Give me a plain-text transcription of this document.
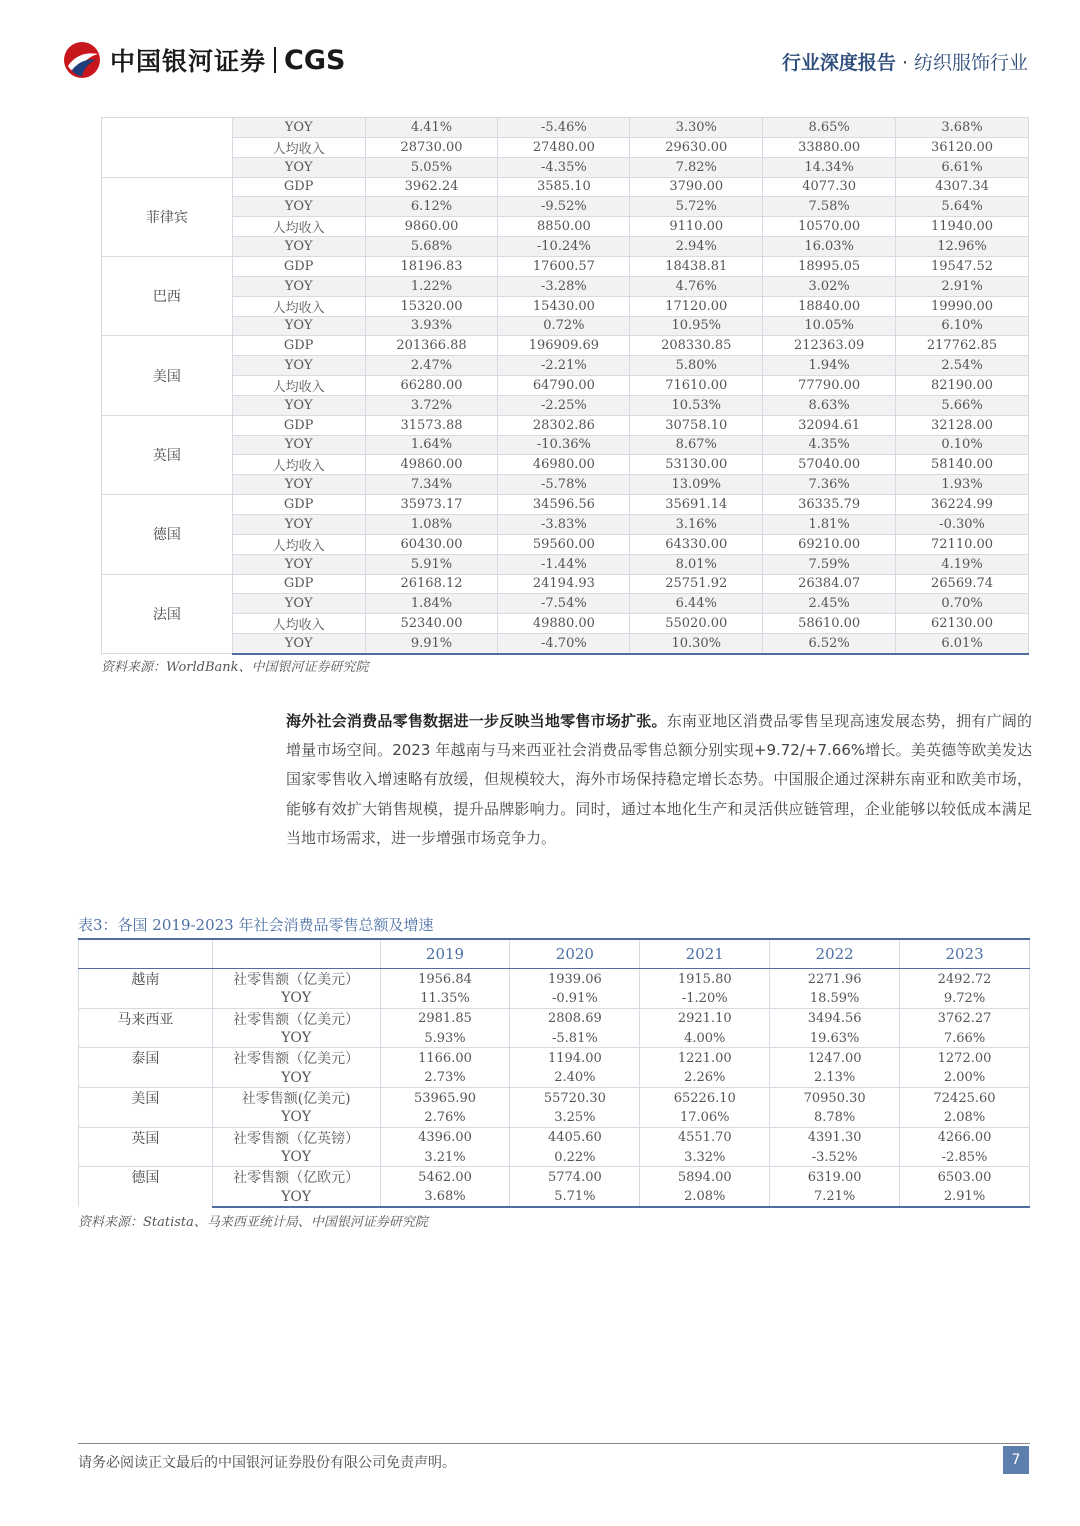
中国银河证券 CGS	行业深度报告 · 纺织服饰行业
	YOY	4.41%	-5.46%	3.30%	8.65%	3.68%
	人均收入	28730.00	27480.00	29630.00	33880.00	36120.00
	YOY	5.05%	-4.35%	7.82%	14.34%	6.61%
菲律宾	GDP	3962.24	3585.10	3790.00	4077.30	4307.34
	YOY	6.12%	-9.52%	5.72%	7.58%	5.64%
	人均收入	9860.00	8850.00	9110.00	10570.00	11940.00
	YOY	5.68%	-10.24%	2.94%	16.03%	12.96%
巴西	GDP	18196.83	17600.57	18438.81	18995.05	19547.52
	YOY	1.22%	-3.28%	4.76%	3.02%	2.91%
	人均收入	15320.00	15430.00	17120.00	18840.00	19990.00
	YOY	3.93%	0.72%	10.95%	10.05%	6.10%
美国	GDP	201366.88	196909.69	208330.85	212363.09	217762.85
	YOY	2.47%	-2.21%	5.80%	1.94%	2.54%
	人均收入	66280.00	64790.00	71610.00	77790.00	82190.00
	YOY	3.72%	-2.25%	10.53%	8.63%	5.66%
英国	GDP	31573.88	28302.86	30758.10	32094.61	32128.00
	YOY	1.64%	-10.36%	8.67%	4.35%	0.10%
	人均收入	49860.00	46980.00	53130.00	57040.00	58140.00
	YOY	7.34%	-5.78%	13.09%	7.36%	1.93%
德国	GDP	35973.17	34596.56	35691.14	36335.79	36224.99
	YOY	1.08%	-3.83%	3.16%	1.81%	-0.30%
	人均收入	60430.00	59560.00	64330.00	69210.00	72110.00
	YOY	5.91%	-1.44%	8.01%	7.59%	4.19%
法国	GDP	26168.12	24194.93	25751.92	26384.07	26569.74
	YOY	1.84%	-7.54%	6.44%	2.45%	0.70%
	人均收入	52340.00	49880.00	55020.00	58610.00	62130.00
	YOY	9.91%	-4.70%	10.30%	6.52%	6.01%
资料来源：WorldBank、中国银河证券研究院
海外社会消费品零售数据进一步反映当地零售市场扩张。东南亚地区消费品零售呈现高速发展态势，拥有广阔的增量市场空间。2023 年越南与马来西亚社会消费品零售总额分别实现+9.72/+7.66%增长。美英德等欧美发达国家零售收入增速略有放缓，但规模较大，海外市场保持稳定增长态势。中国服企通过深耕东南亚和欧美市场，能够有效扩大销售规模，提升品牌影响力。同时，通过本地化生产和灵活供应链管理，企业能够以较低成本满足当地市场需求，进一步增强市场竞争力。
表3：各国 2019-2023 年社会消费品零售总额及增速
		2019	2020	2021	2022	2023
越南	社零售额（亿美元）	1956.84	1939.06	1915.80	2271.96	2492.72
	YOY	11.35%	-0.91%	-1.20%	18.59%	9.72%
马来西亚	社零售额（亿美元）	2981.85	2808.69	2921.10	3494.56	3762.27
	YOY	5.93%	-5.81%	4.00%	19.63%	7.66%
泰国	社零售额（亿美元）	1166.00	1194.00	1221.00	1247.00	1272.00
	YOY	2.73%	2.40%	2.26%	2.13%	2.00%
美国	社零售额(亿美元)	53965.90	55720.30	65226.10	70950.30	72425.60
	YOY	2.76%	3.25%	17.06%	8.78%	2.08%
英国	社零售额（亿英镑）	4396.00	4405.60	4551.70	4391.30	4266.00
	YOY	3.21%	0.22%	3.32%	-3.52%	-2.85%
德国	社零售额（亿欧元）	5462.00	5774.00	5894.00	6319.00	6503.00
	YOY	3.68%	5.71%	2.08%	7.21%	2.91%
资料来源：Statista、马来西亚统计局、中国银河证券研究院
请务必阅读正文最后的中国银河证券股份有限公司免责声明。	7
